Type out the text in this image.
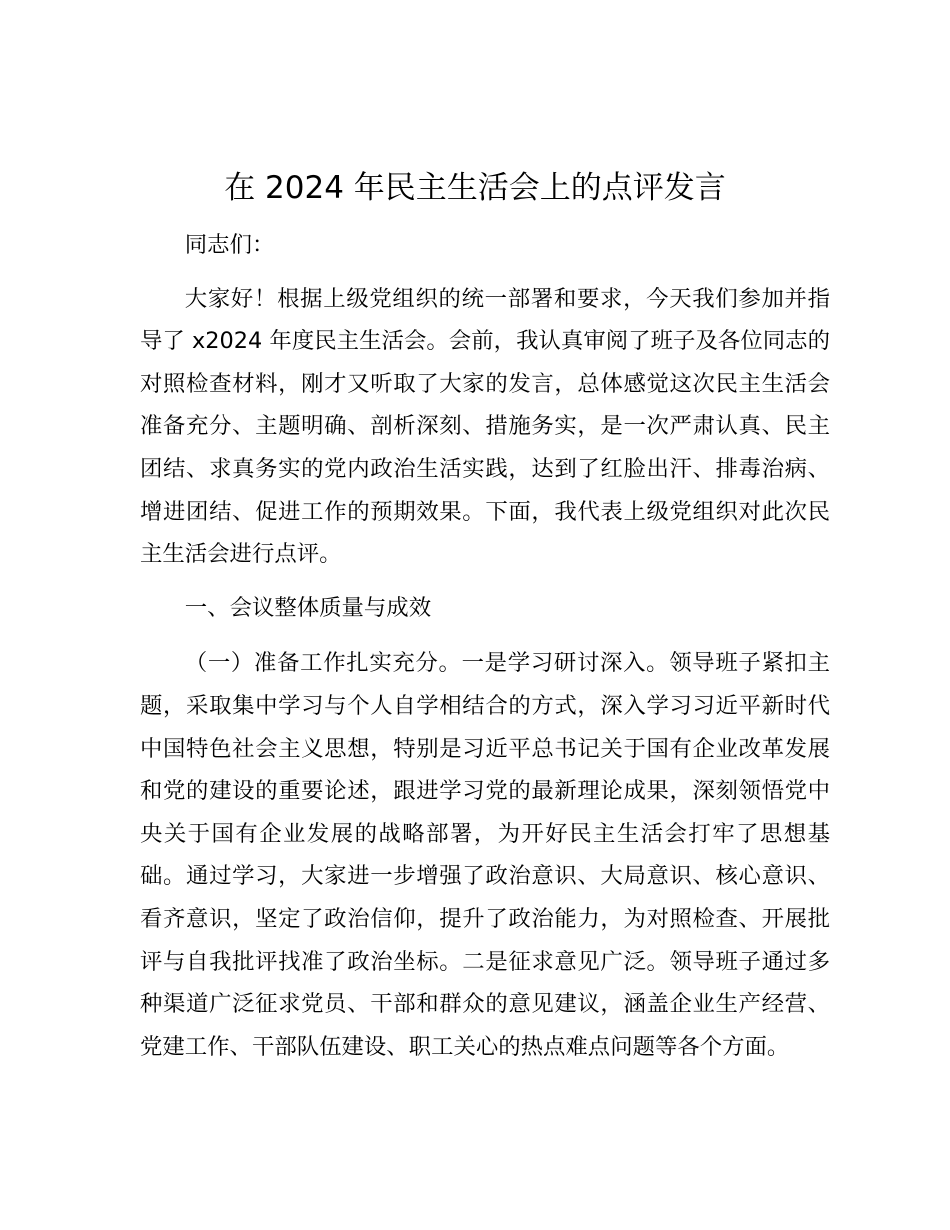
在 2024 年民主生活会上的点评发言

同志们：

大家好！根据上级党组织的统一部署和要求，今天我们参加并指导了 x2024 年度民主生活会。会前，我认真审阅了班子及各位同志的对照检查材料，刚才又听取了大家的发言，总体感觉这次民主生活会准备充分、主题明确、剖析深刻、措施务实，是一次严肃认真、民主团结、求真务实的党内政治生活实践，达到了红脸出汗、排毒治病、增进团结、促进工作的预期效果。下面，我代表上级党组织对此次民主生活会进行点评。

一、会议整体质量与成效

（一）准备工作扎实充分。一是学习研讨深入。领导班子紧扣主题，采取集中学习与个人自学相结合的方式，深入学习习近平新时代中国特色社会主义思想，特别是习近平总书记关于国有企业改革发展和党的建设的重要论述，跟进学习党的最新理论成果，深刻领悟党中央关于国有企业发展的战略部署，为开好民主生活会打牢了思想基础。通过学习，大家进一步增强了政治意识、大局意识、核心意识、看齐意识，坚定了政治信仰，提升了政治能力，为对照检查、开展批评与自我批评找准了政治坐标。二是征求意见广泛。领导班子通过多种渠道广泛征求党员、干部和群众的意见建议，涵盖企业生产经营、党建工作、干部队伍建设、职工关心的热点难点问题等各个方面。
